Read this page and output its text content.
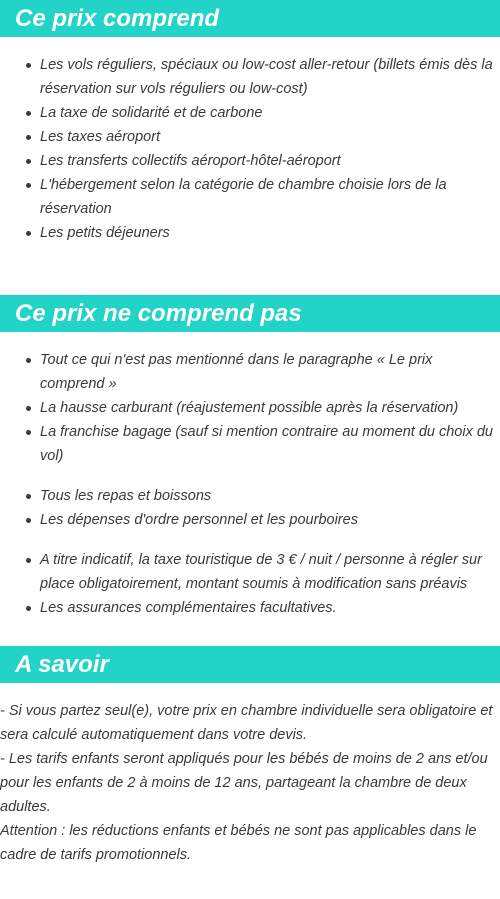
Ce prix comprend
Les vols réguliers, spéciaux ou low-cost aller-retour (billets émis dès la réservation sur vols réguliers ou low-cost)
La taxe de solidarité et de carbone
Les taxes aéroport
Les transferts collectifs aéroport-hôtel-aéroport
L'hébergement selon la catégorie de chambre choisie lors de la réservation
Les petits déjeuners
Ce prix ne comprend pas
Tout ce qui n'est pas mentionné dans le paragraphe « Le prix comprend »
La hausse carburant (réajustement possible après la réservation)
La franchise bagage (sauf si mention contraire au moment du choix du vol)
Tous les repas et boissons
Les dépenses d'ordre personnel et les pourboires
A titre indicatif, la taxe touristique de 3 € / nuit / personne à régler sur place obligatoirement, montant soumis à modification sans préavis
Les assurances complémentaires facultatives.
A savoir

- Si vous partez seul(e), votre prix en chambre individuelle sera obligatoire et sera calculé automatiquement dans votre devis.

- Les tarifs enfants seront appliqués pour les bébés de moins de 2 ans et/ou pour les enfants de 2 à moins de 12 ans, partageant la chambre de deux adultes.

Attention : les réductions enfants et bébés ne sont pas applicables dans le cadre de tarifs promotionnels.
